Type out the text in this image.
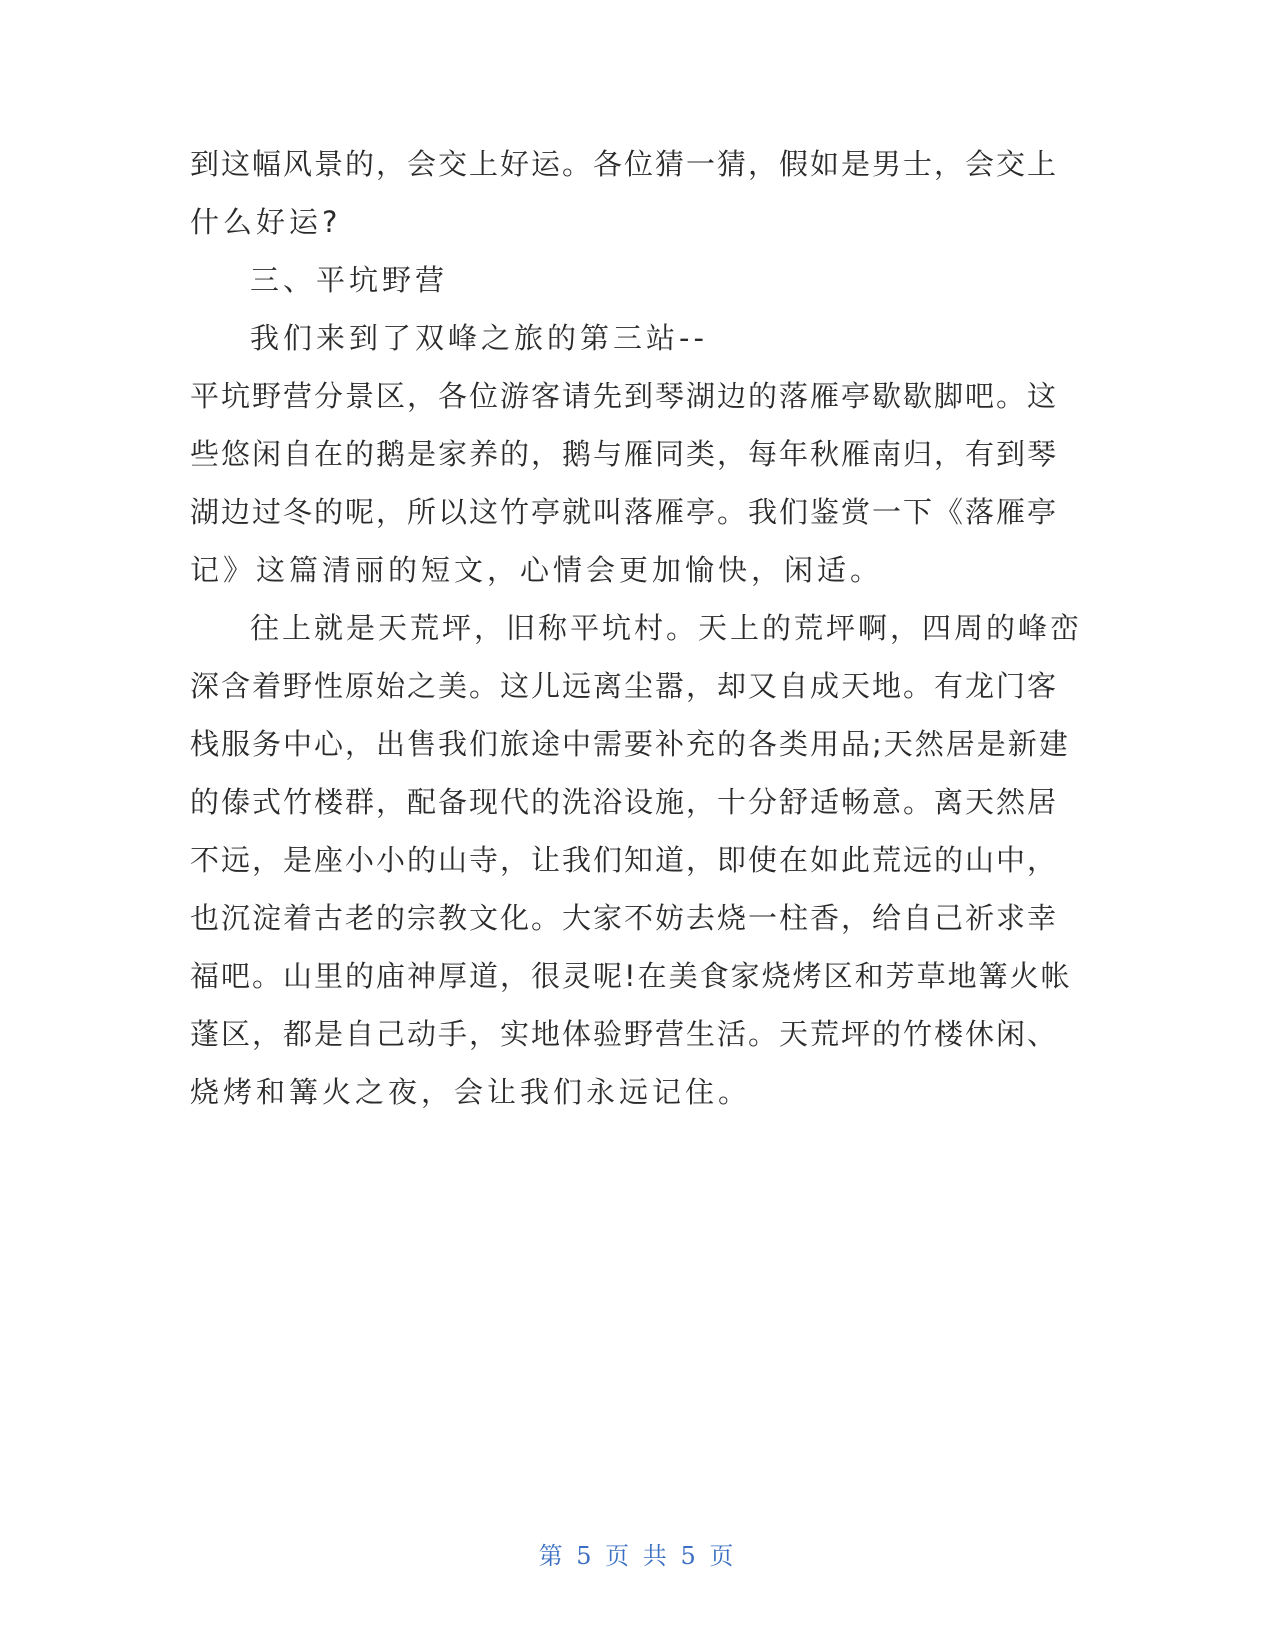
到这幅风景的，会交上好运。各位猜一猜，假如是男士，会交上
什么好运?
三、平坑野营
我们来到了双峰之旅的第三站--
平坑野营分景区，各位游客请先到琴湖边的落雁亭歇歇脚吧。这
些悠闲自在的鹅是家养的，鹅与雁同类，每年秋雁南归，有到琴
湖边过冬的呢，所以这竹亭就叫落雁亭。我们鉴赏一下《落雁亭
记》这篇清丽的短文，心情会更加愉快，闲适。
往上就是天荒坪，旧称平坑村。天上的荒坪啊，四周的峰峦
深含着野性原始之美。这儿远离尘嚣，却又自成天地。有龙门客
栈服务中心，出售我们旅途中需要补充的各类用品;天然居是新建
的傣式竹楼群，配备现代的洗浴设施，十分舒适畅意。离天然居
不远，是座小小的山寺，让我们知道，即使在如此荒远的山中，
也沉淀着古老的宗教文化。大家不妨去烧一柱香，给自己祈求幸
福吧。山里的庙神厚道，很灵呢!在美食家烧烤区和芳草地篝火帐
蓬区，都是自己动手，实地体验野营生活。天荒坪的竹楼休闲、
烧烤和篝火之夜，会让我们永远记住。
第 5 页 共 5 页
